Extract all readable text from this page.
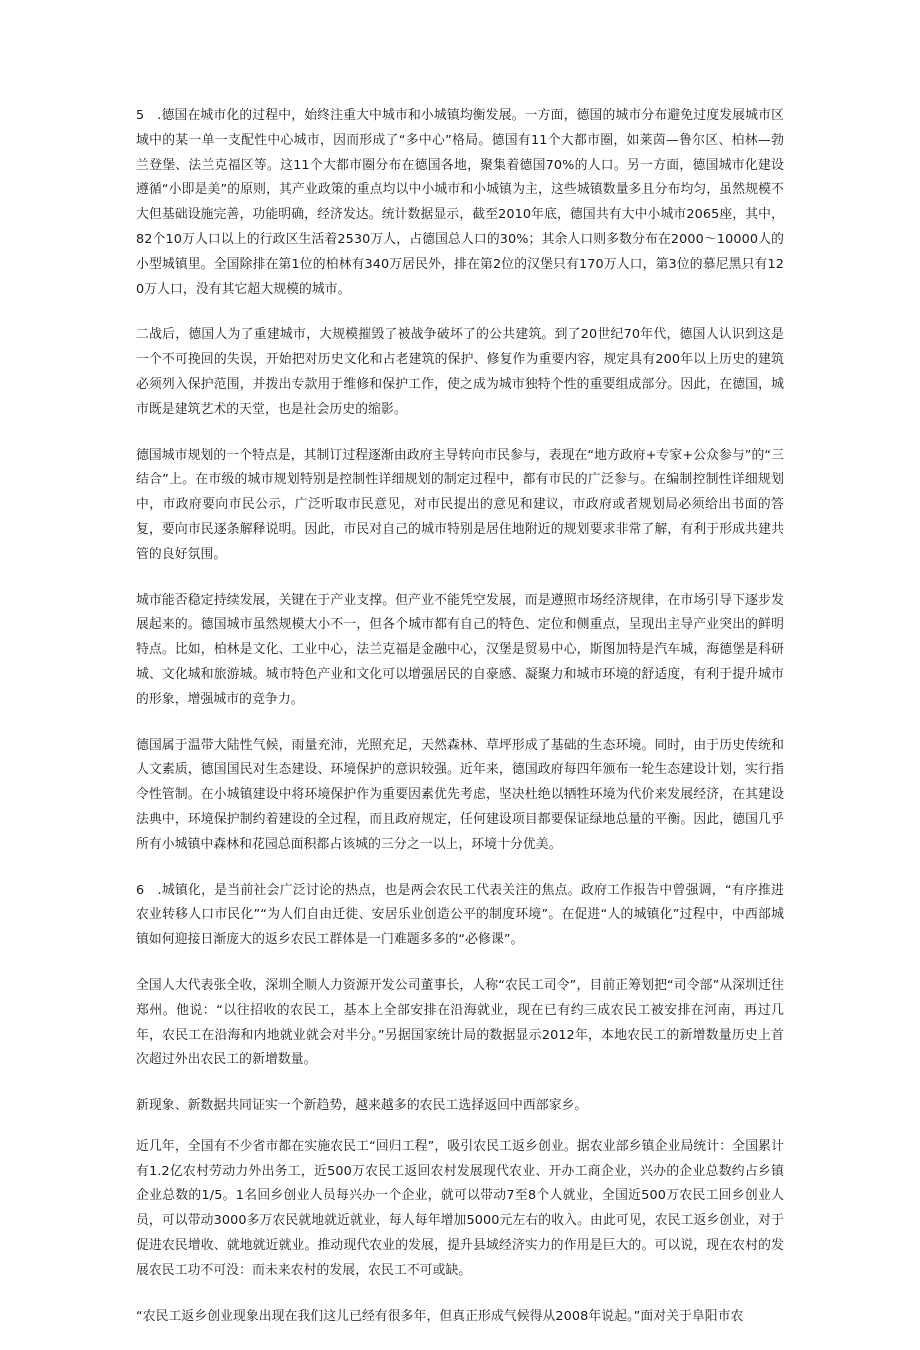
5　.德国在城市化的过程中，始终注重大中城市和小城镇均衡发展。一方面，德国的城市分布避免过度发展城市区域中的某一单一支配性中心城市，因而形成了“多中心”格局。德国有11个大都市圈，如莱茵—鲁尔区、柏林—勃兰登堡、法兰克福区等。这11个大都市圈分布在德国各地，聚集着德国70%的人口。另一方面，德国城市化建设遵循“小即是美”的原则，其产业政策的重点均以中小城市和小城镇为主，这些城镇数量多且分布均匀，虽然规模不大但基础设施完善，功能明确，经济发达。统计数据显示，截至2010年底，德国共有大中小城市2065座，其中，82个10万人口以上的行政区生活着2530万人，占德国总人口的30%；其余人口则多数分布在2000〜10000人的小型城镇里。全国除排在第1位的柏林有340万居民外，排在第2位的汉堡只有170万人口，第3位的慕尼黑只有120万人口，没有其它超大规模的城市。

二战后，德国人为了重建城市，大规模摧毁了被战争破坏了的公共建筑。到了20世纪70年代，德国人认识到这是一个不可挽回的失误，开始把对历史文化和占老建筑的保护、修复作为重要内容，规定具有200年以上历史的建筑必须列入保护范围，并拨出专款用于维修和保护工作，使之成为城市独特个性的重要组成部分。因此，在德国，城市既是建筑艺术的天堂，也是社会历史的缩影。

德国城市规划的一个特点是，其制订过程逐渐由政府主导转向市民参与，表现在“地方政府+专家+公众参与”的“三结合”上。在市级的城市规划特别是控制性详细规划的制定过程中，都有市民的广泛参与。在编制控制性详细规划中，市政府要向市民公示，广泛听取市民意见，对市民提出的意见和建议，市政府或者规划局必须给出书面的答复，要向市民逐条解释说明。因此，市民对自己的城市特别是居住地附近的规划要求非常了解，有利于形成共建共管的良好氛围。

城市能否稳定持续发展，关键在于产业支撑。但产业不能凭空发展，而是遵照市场经济规律，在市场引导下逐步发展起来的。德国城市虽然规模大小不一，但各个城市都有自己的特色、定位和侧重点，呈现出主导产业突出的鲜明特点。比如，柏林是文化、工业中心，法兰克福是金融中心，汉堡是贸易中心，斯图加特是汽车城，海德堡是科研城、文化城和旅游城。城市特色产业和文化可以增强居民的自豪感、凝聚力和城市环境的舒适度，有利于提升城市的形象，增强城市的竞争力。

德国属于温带大陆性气候，雨量充沛，光照充足，天然森林、草坪形成了基础的生态环境。同时，由于历史传统和人文素质，德国国民对生态建设、环境保护的意识较强。近年来，德国政府每四年颁布一轮生态建设计划，实行指令性管制。在小城镇建设中将环境保护作为重要因素优先考虑，坚决杜绝以牺牲环境为代价来发展经济，在其建设法典中，环境保护制约着建设的全过程，而且政府规定，任何建设项目都要保证绿地总量的平衡。因此，德国几乎所有小城镇中森林和花园总面积都占该城的三分之一以上，环境十分优美。

6　.城镇化，是当前社会广泛讨论的热点，也是两会农民工代表关注的焦点。政府工作报告中曾强调，“有序推进农业转移人口市民化”“为人们自由迁徙、安居乐业创造公平的制度环境”。在促进“人的城镇化”过程中，中西部城镇如何迎接日渐庞大的返乡农民工群体是一门难题多多的“必修课”。

全国人大代表张全收，深圳全顺人力资源开发公司董事长，人称“农民工司令”，目前正筹划把“司令部”从深圳迁往郑州。他说：“以往招收的农民工，基本上全部安排在沿海就业，现在已有约三成农民工被安排在河南，再过几年，农民工在沿海和内地就业就会对半分。”另据国家统计局的数据显示2012年，本地农民工的新增数量历史上首次超过外出农民工的新增数量。

新现象、新数据共同证实一个新趋势，越来越多的农民工选择返回中西部家乡。

近几年，全国有不少省市都在实施农民工“回归工程”，吸引农民工返乡创业。据农业部乡镇企业局统计：全国累计有1.2亿农村劳动力外出务工，近500万农民工返回农村发展现代农业、开办工商企业，兴办的企业总数约占乡镇企业总数的1/5。1名回乡创业人员每兴办一个企业，就可以带动7至8个人就业，全国近500万农民工回乡创业人员，可以带动3000多万农民就地就近就业，每人每年增加5000元左右的收入。由此可见，农民工返乡创业，对于促进农民增收、就地就近就业。推动现代农业的发展，提升县域经济实力的作用是巨大的。可以说，现在农村的发展农民工功不可没：而未来农村的发展，农民工不可或缺。

“农民工返乡创业现象出现在我们这儿已经有很多年，但真正形成气候得从2008年说起。”面对关于阜阳市农
